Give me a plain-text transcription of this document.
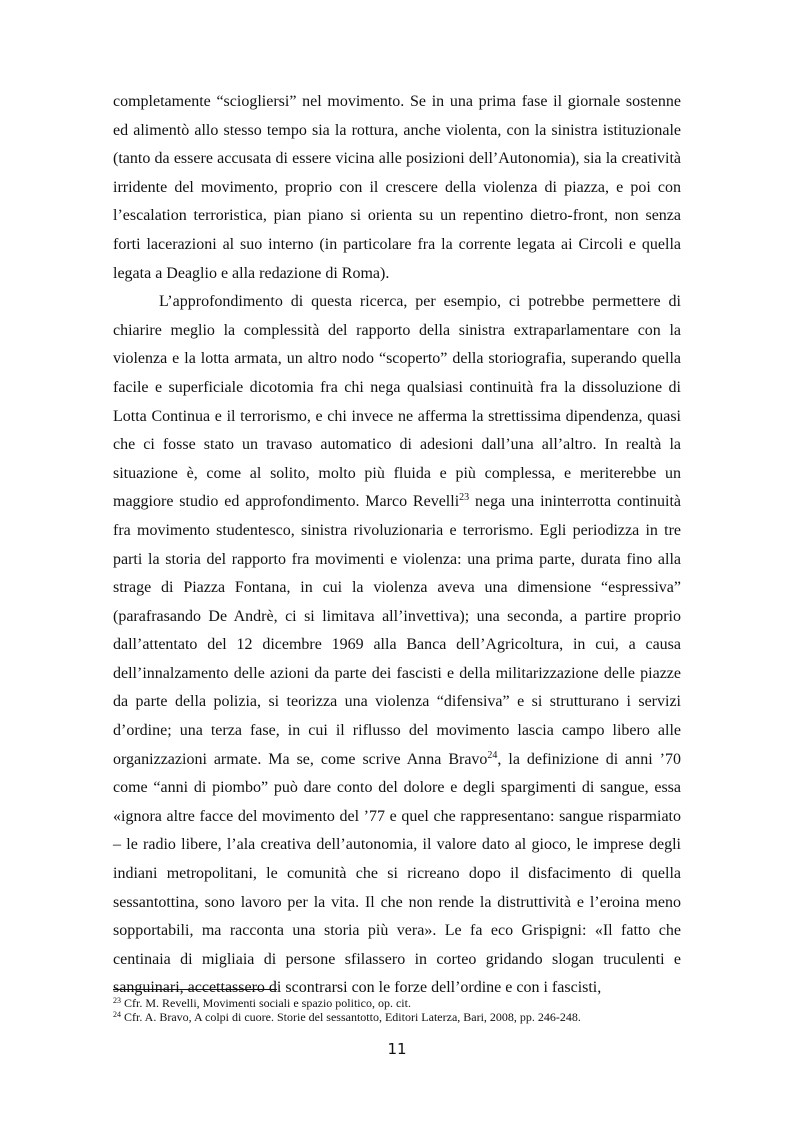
completamente “sciogliersi” nel movimento. Se in una prima fase il giornale sostenne ed alimentò allo stesso tempo sia la rottura, anche violenta, con la sinistra istituzionale (tanto da essere accusata di essere vicina alle posizioni dell’Autonomia), sia la creatività irridente del movimento, proprio con il crescere della violenza di piazza, e poi con l’escalation terroristica, pian piano si orienta su un repentino dietro-front, non senza forti lacerazioni al suo interno (in particolare fra la corrente legata ai Circoli e quella legata a Deaglio e alla redazione di Roma).

L’approfondimento di questa ricerca, per esempio, ci potrebbe permettere di chiarire meglio la complessità del rapporto della sinistra extraparlamentare con la violenza e la lotta armata, un altro nodo “scoperto” della storiografia, superando quella facile e superficiale dicotomia fra chi nega qualsiasi continuità fra la dissoluzione di Lotta Continua e il terrorismo, e chi invece ne afferma la strettissima dipendenza, quasi che ci fosse stato un travaso automatico di adesioni dall’una all’altro. In realtà la situazione è, come al solito, molto più fluida e più complessa, e meriterebbe un maggiore studio ed approfondimento. Marco Revelli$^{23}$ nega una ininterrotta continuità fra movimento studentesco, sinistra rivoluzionaria e terrorismo. Egli periodizza in tre parti la storia del rapporto fra movimenti e violenza: una prima parte, durata fino alla strage di Piazza Fontana, in cui la violenza aveva una dimensione “espressiva” (parafrasando De Andrè, ci si limitava all’invettiva); una seconda, a partire proprio dall’attentato del 12 dicembre 1969 alla Banca dell’Agricoltura, in cui, a causa dell’innalzamento delle azioni da parte dei fascisti e della militarizzazione delle piazze da parte della polizia, si teorizza una violenza “difensiva” e si strutturano i servizi d’ordine; una terza fase, in cui il riflusso del movimento lascia campo libero alle organizzazioni armate. Ma se, come scrive Anna Bravo$^{24}$, la definizione di anni ’70 come “anni di piombo” può dare conto del dolore e degli spargimenti di sangue, essa «ignora altre facce del movimento del ’77 e quel che rappresentano: sangue risparmiato – le radio libere, l’ala creativa dell’autonomia, il valore dato al gioco, le imprese degli indiani metropolitani, le comunità che si ricreano dopo il disfacimento di quella sessantottina, sono lavoro per la vita. Il che non rende la distruttività e l’eroina meno sopportabili, ma racconta una storia più vera». Le fa eco Grispigni: «Il fatto che centinaia di migliaia di persone sfilassero in corteo gridando slogan truculenti e sanguinari, accettassero di scontrarsi con le forze dell’ordine e con i fascisti,

$^{23}$ Cfr. M. Revelli, Movimenti sociali e spazio politico, op. cit.
$^{24}$ Cfr. A. Bravo, A colpi di cuore. Storie del sessantotto, Editori Laterza, Bari, 2008, pp. 246-248.
11
